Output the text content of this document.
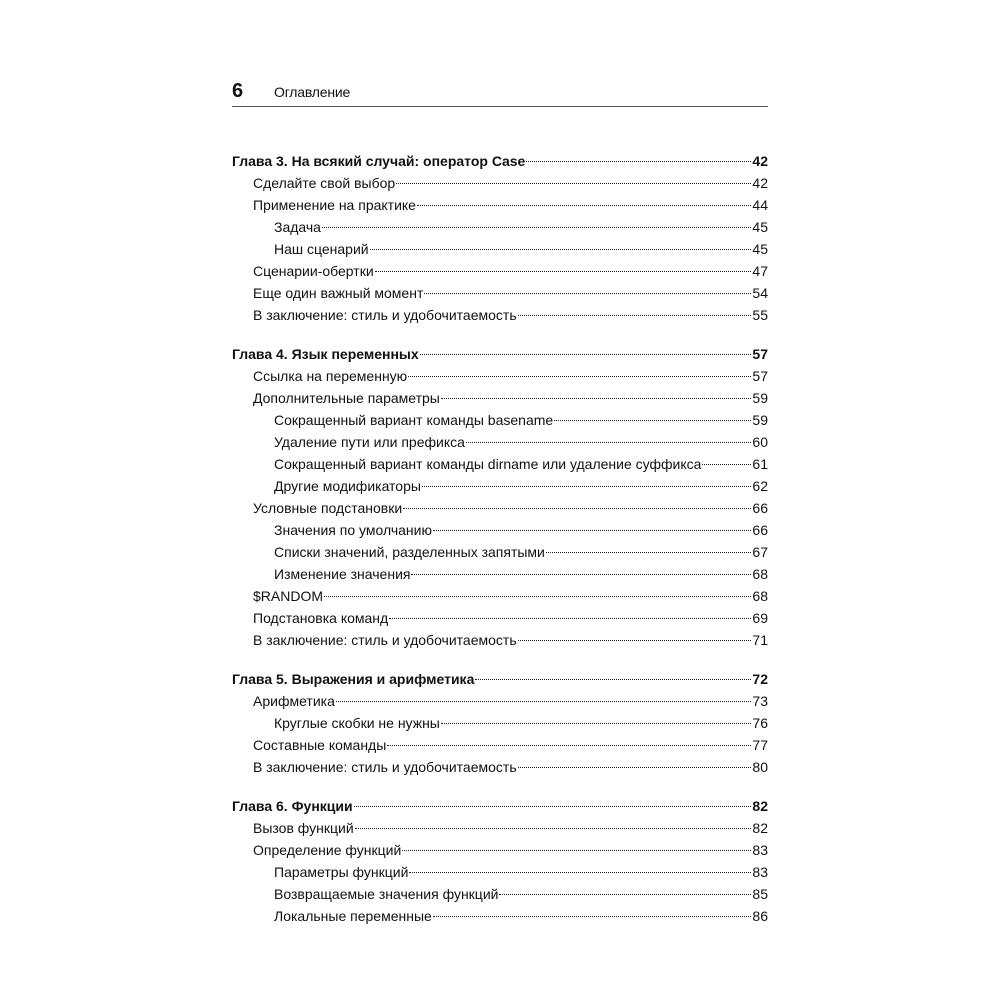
6 Оглавление
Глава 3. На всякий случай: оператор Case	42
Сделайте свой выбор	42
Применение на практике	44
Задача	45
Наш сценарий	45
Сценарии-обертки	47
Еще один важный момент	54
В заключение: стиль и удобочитаемость	55
Глава 4. Язык переменных	57
Ссылка на переменную	57
Дополнительные параметры	59
Сокращенный вариант команды basename	59
Удаление пути или префикса	60
Сокращенный вариант команды dirname или удаление суффикса	61
Другие модификаторы	62
Условные подстановки	66
Значения по умолчанию	66
Списки значений, разделенных запятыми	67
Изменение значения	68
$RANDOM	68
Подстановка команд	69
В заключение: стиль и удобочитаемость	71
Глава 5. Выражения и арифметика	72
Арифметика	73
Круглые скобки не нужны	76
Составные команды	77
В заключение: стиль и удобочитаемость	80
Глава 6. Функции	82
Вызов функций	82
Определение функций	83
Параметры функций	83
Возвращаемые значения функций	85
Локальные переменные	86
